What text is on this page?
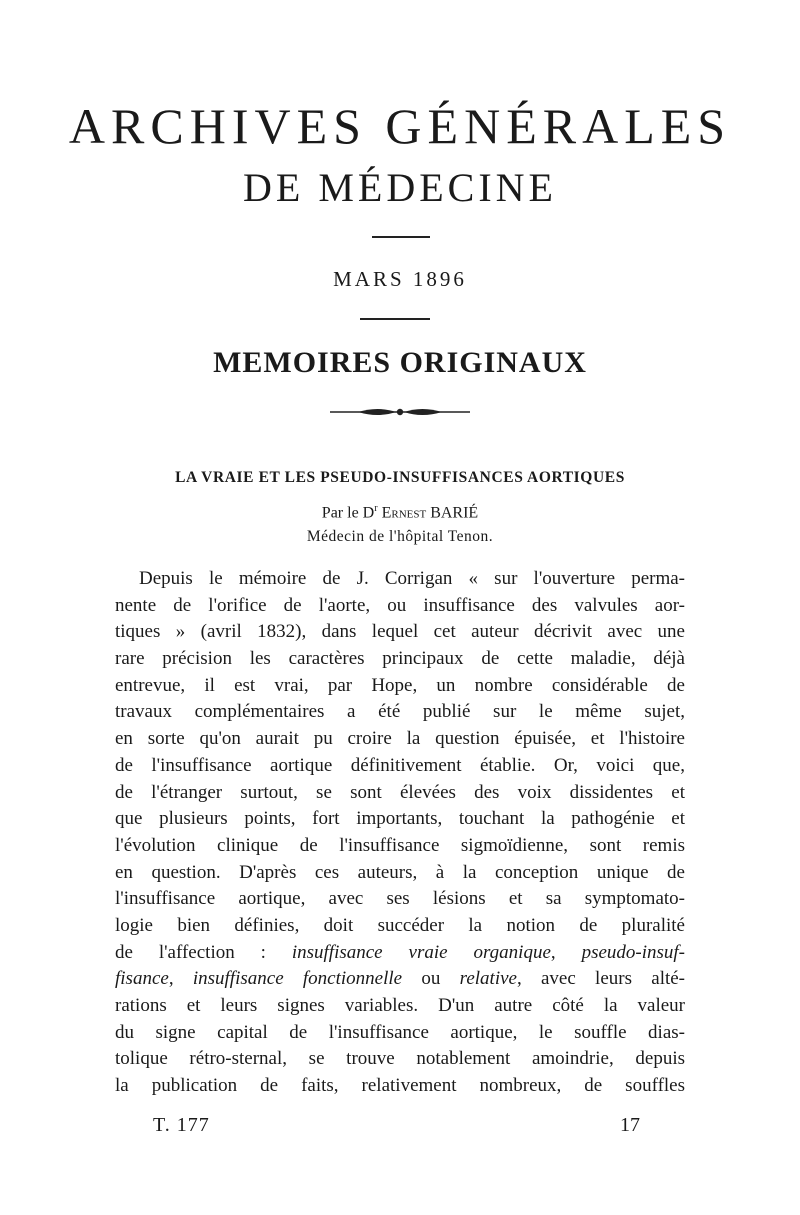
ARCHIVES GÉNÉRALES
DE MÉDECINE
MARS 1896
MEMOIRES ORIGINAUX
LA VRAIE ET LES PSEUDO-INSUFFISANCES AORTIQUES
Par le $D^r$ Ernest BARIÉ
Médecin de l'hôpital Tenon.
Depuis le mémoire de J. Corrigan « sur l'ouverture perma-
nente de l'orifice de l'aorte, ou insuffisance des valvules aor-
tiques » (avril 1832), dans lequel cet auteur décrivit avec une
rare précision les caractères principaux de cette maladie, déjà
entrevue, il est vrai, par Hope, un nombre considérable de
travaux complémentaires a été publié sur le même sujet,
en sorte qu'on aurait pu croire la question épuisée, et l'histoire
de l'insuffisance aortique définitivement établie. Or, voici que,
de l'étranger surtout, se sont élevées des voix dissidentes et
que plusieurs points, fort importants, touchant la pathogénie et
l'évolution clinique de l'insuffisance sigmoïdienne, sont remis
en question. D'après ces auteurs, à la conception unique de
l'insuffisance aortique, avec ses lésions et sa symptomato-
logie bien définies, doit succéder la notion de pluralité
de l'affection : insuffisance vraie organique, pseudo-insuf-
fisance, insuffisance fonctionnelle ou relative, avec leurs alté-
rations et leurs signes variables. D'un autre côté la valeur
du signe capital de l'insuffisance aortique, le souffle dias-
tolique rétro-sternal, se trouve notablement amoindrie, depuis
la publication de faits, relativement nombreux, de souffles
T. 177	17
